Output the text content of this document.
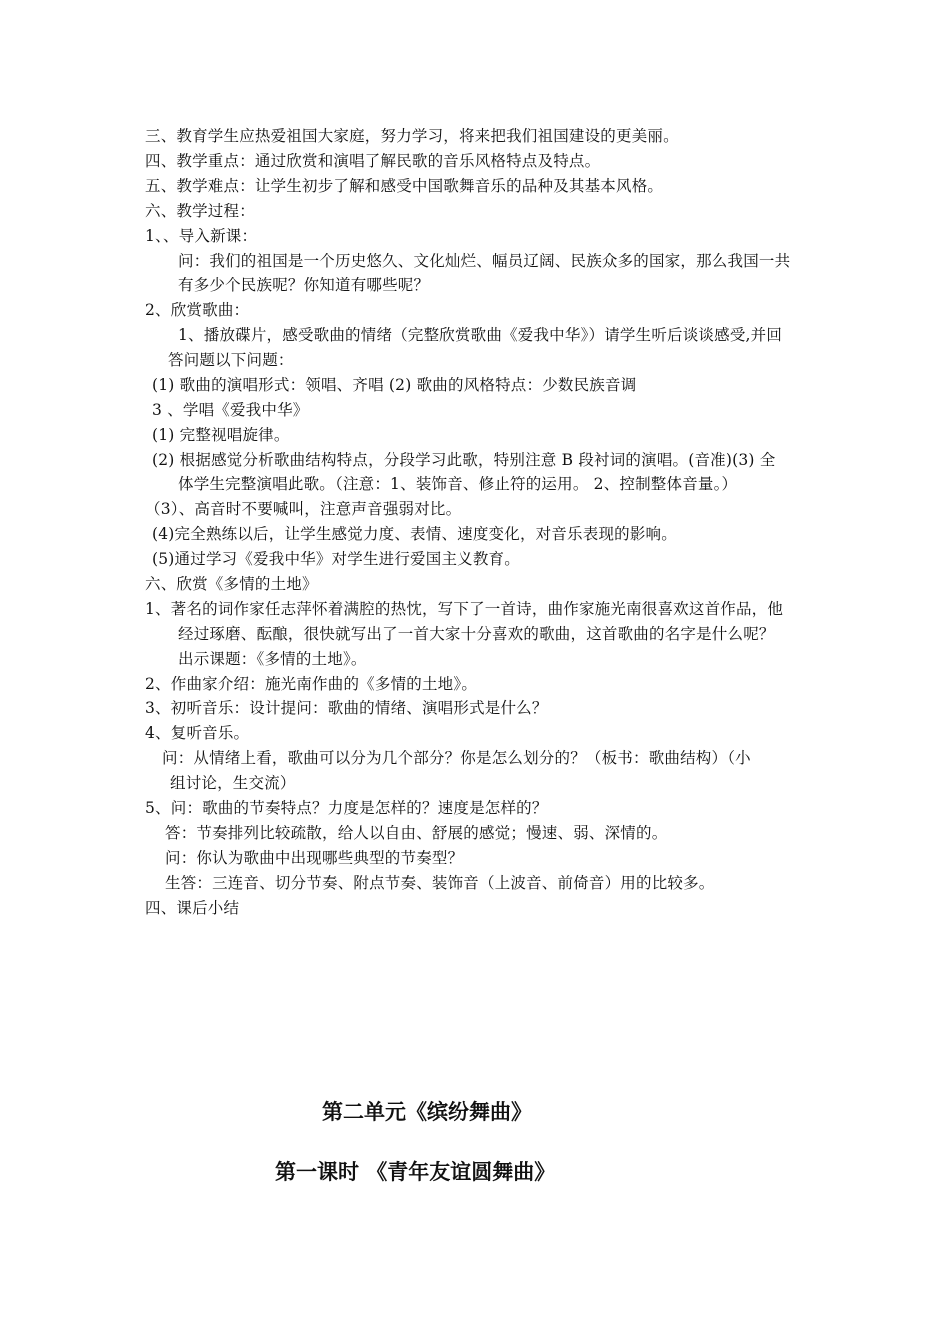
三、教育学生应热爱祖国大家庭，努力学习，将来把我们祖国建设的更美丽。
四、教学重点：通过欣赏和演唱了解民歌的音乐风格特点及特点。
五、教学难点：让学生初步了解和感受中国歌舞音乐的品种及其基本风格。
六、教学过程：
1、、导入新课：
问：我们的祖国是一个历史悠久、文化灿烂、幅员辽阔、民族众多的国家，那么我国一共
有多少个民族呢？你知道有哪些呢？
2、欣赏歌曲：
1、播放碟片，感受歌曲的情绪（完整欣赏歌曲《爱我中华》）请学生听后谈谈感受,并回
答问题以下问题：
(1) 歌曲的演唱形式：领唱、齐唱 (2) 歌曲的风格特点：少数民族音调
3 、学唱《爱我中华》
(1) 完整视唱旋律。
(2) 根据感觉分析歌曲结构特点，分段学习此歌，特别注意 B 段衬词的演唱。(音准)(3) 全
体学生完整演唱此歌。（注意：1、装饰音、修止符的运用。 2、控制整体音量。）
（3）、高音时不要喊叫，注意声音强弱对比。
(4)完全熟练以后，让学生感觉力度、表情、速度变化，对音乐表现的影响。
(5)通过学习《爱我中华》对学生进行爱国主义教育。
六、欣赏《多情的土地》
1、著名的词作家任志萍怀着满腔的热忱，写下了一首诗，曲作家施光南很喜欢这首作品，他
经过琢磨、酝酿，很快就写出了一首大家十分喜欢的歌曲，这首歌曲的名字是什么呢？
出示课题：《多情的土地》。
2、作曲家介绍：施光南作曲的《多情的土地》。
3、初听音乐：设计提问：歌曲的情绪、演唱形式是什么？
4、复听音乐。
问：从情绪上看，歌曲可以分为几个部分？你是怎么划分的？（板书：歌曲结构）（小
组讨论，生交流）
5、问：歌曲的节奏特点？力度是怎样的？速度是怎样的？
答：节奏排列比较疏散，给人以自由、舒展的感觉；慢速、弱、深情的。
问：你认为歌曲中出现哪些典型的节奏型？
生答：三连音、切分节奏、附点节奏、装饰音（上波音、前倚音）用的比较多。
四、课后小结
第二单元《缤纷舞曲》
第一课时 《青年友谊圆舞曲》
